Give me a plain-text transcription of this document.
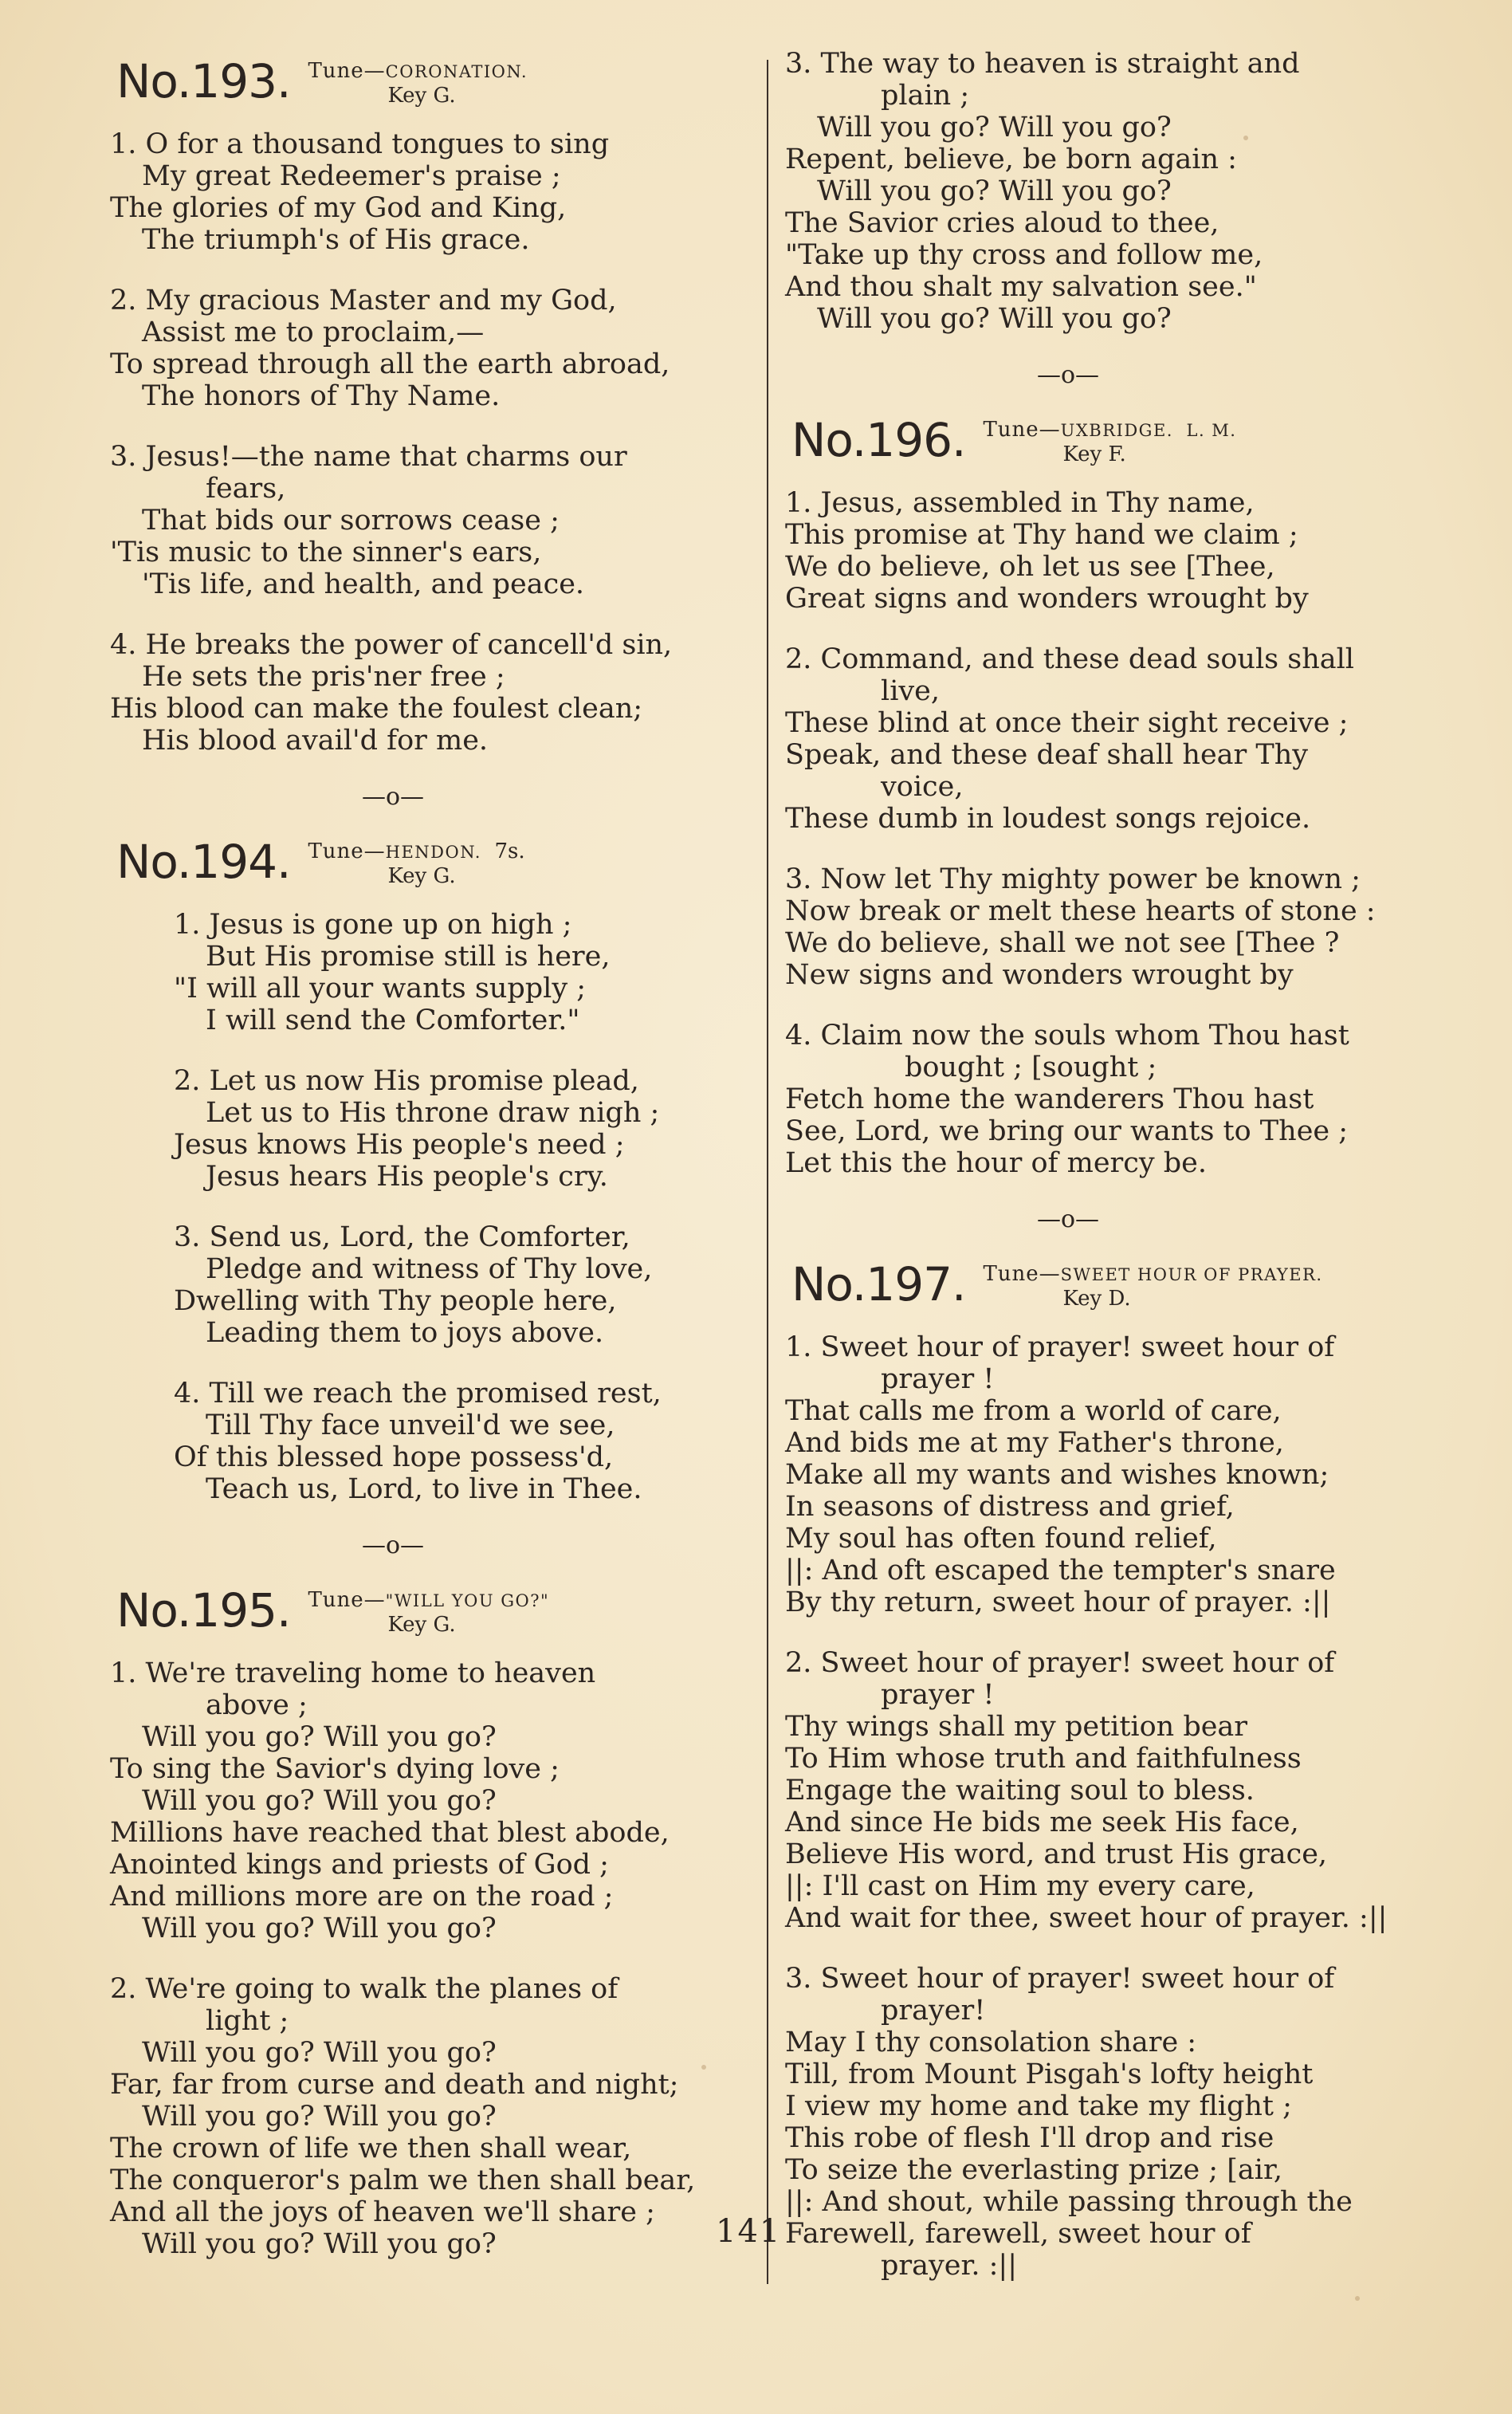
No.193. Tune—CORONATION.
Key G.
1. O for a thousand tongues to sing
My great Redeemer's praise ;
The glories of my God and King,
The triumph's of His grace.
2. My gracious Master and my God,
Assist me to proclaim,—
To spread through all the earth abroad,
The honors of Thy Name.
3. Jesus!—the name that charms our
fears,
That bids our sorrows cease ;
'Tis music to the sinner's ears,
'Tis life, and health, and peace.
4. He breaks the power of cancell'd sin,
He sets the pris'ner free ;
His blood can make the foulest clean;
His blood avail'd for me.
—o—
No.194. Tune—HENDON. 7s.
Key G.
1. Jesus is gone up on high ;
But His promise still is here,
"I will all your wants supply ;
I will send the Comforter."
2. Let us now His promise plead,
Let us to His throne draw nigh ;
Jesus knows His people's need ;
Jesus hears His people's cry.
3. Send us, Lord, the Comforter,
Pledge and witness of Thy love,
Dwelling with Thy people here,
Leading them to joys above.
4. Till we reach the promised rest,
Till Thy face unveil'd we see,
Of this blessed hope possess'd,
Teach us, Lord, to live in Thee.
—o—
No.195. Tune—"WILL YOU GO?"
Key G.
1. We're traveling home to heaven
above ;
Will you go? Will you go?
To sing the Savior's dying love ;
Will you go? Will you go?
Millions have reached that blest abode,
Anointed kings and priests of God ;
And millions more are on the road ;
Will you go? Will you go?
2. We're going to walk the planes of
light ;
Will you go? Will you go?
Far, far from curse and death and night;
Will you go? Will you go?
The crown of life we then shall wear,
The conqueror's palm we then shall bear,
And all the joys of heaven we'll share ;
Will you go? Will you go?
3. The way to heaven is straight and
plain ;
Will you go? Will you go?
Repent, believe, be born again :
Will you go? Will you go?
The Savior cries aloud to thee,
"Take up thy cross and follow me,
And thou shalt my salvation see."
Will you go? Will you go?
—o—
No.196. Tune—UXBRIDGE. L. M.
Key F.
1. Jesus, assembled in Thy name,
This promise at Thy hand we claim ;
We do believe, oh let us see [Thee,
Great signs and wonders wrought by
2. Command, and these dead souls shall
live,
These blind at once their sight receive ;
Speak, and these deaf shall hear Thy
voice,
These dumb in loudest songs rejoice.
3. Now let Thy mighty power be known ;
Now break or melt these hearts of stone :
We do believe, shall we not see [Thee ?
New signs and wonders wrought by
4. Claim now the souls whom Thou hast
bought ; [sought ;
Fetch home the wanderers Thou hast
See, Lord, we bring our wants to Thee ;
Let this the hour of mercy be.
—o—
No.197. Tune—SWEET HOUR OF PRAYER.
Key D.
1. Sweet hour of prayer! sweet hour of
prayer !
That calls me from a world of care,
And bids me at my Father's throne,
Make all my wants and wishes known;
In seasons of distress and grief,
My soul has often found relief,
||: And oft escaped the tempter's snare
By thy return, sweet hour of prayer. :||
2. Sweet hour of prayer! sweet hour of
prayer !
Thy wings shall my petition bear
To Him whose truth and faithfulness
Engage the waiting soul to bless.
And since He bids me seek His face,
Believe His word, and trust His grace,
||: I'll cast on Him my every care,
And wait for thee, sweet hour of prayer. :||
3. Sweet hour of prayer! sweet hour of
prayer!
May I thy consolation share :
Till, from Mount Pisgah's lofty height
I view my home and take my flight ;
This robe of flesh I'll drop and rise
To seize the everlasting prize ; [air,
||: And shout, while passing through the
Farewell, farewell, sweet hour of
prayer. :||
141
